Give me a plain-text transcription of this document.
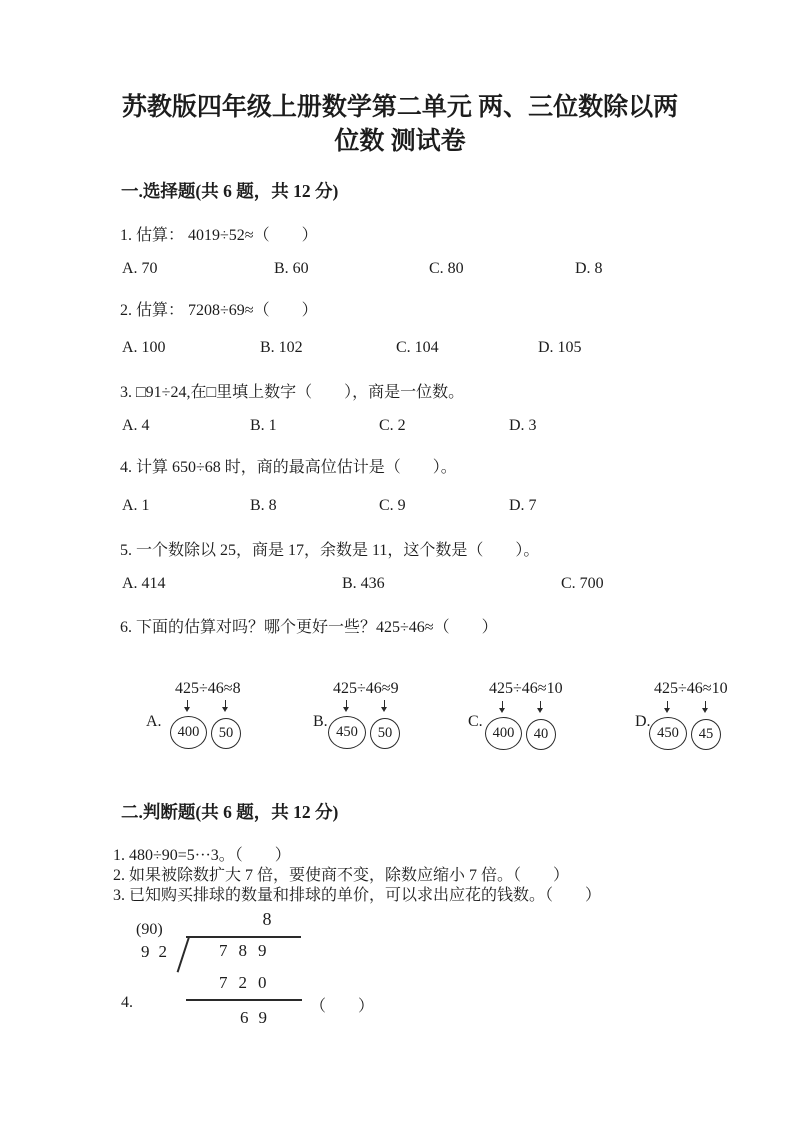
苏教版四年级上册数学第二单元 两、三位数除以两
位数 测试卷
一.选择题(共 6 题，共 12 分)
1. 估算： 4019÷52≈（　　）
A. 70	B. 60	C. 80	D. 8
2. 估算： 7208÷69≈（　　）
A. 100	B. 102	C. 104	D. 105
3. □91÷24,在□里填上数字（　　），商是一位数。
A. 4	B. 1	C. 2	D. 3
4. 计算 650÷68 时，商的最高位估计是（　　）。
A. 1	B. 8	C. 9	D. 7
5. 一个数除以 25，商是 17，余数是 11，这个数是（　　）。
A. 414	B. 436	C. 700
6. 下面的估算对吗？哪个更好一些？425÷46≈（　　）
425÷46≈8	425÷46≈9	425÷46≈10	425÷46≈10
A.	B.	C.	D.
400	50	450	50	400	40	450	45
二.判断题(共 6 题，共 12 分)
1. 480÷90=5···3。（　　）
2. 如果被除数扩大 7 倍，要使商不变，除数应缩小 7 倍。（　　）
3. 已知购买排球的数量和排球的单价，可以求出应花的钱数。（　　）
4.
8
(90)
92	789
720
69
（　　）
